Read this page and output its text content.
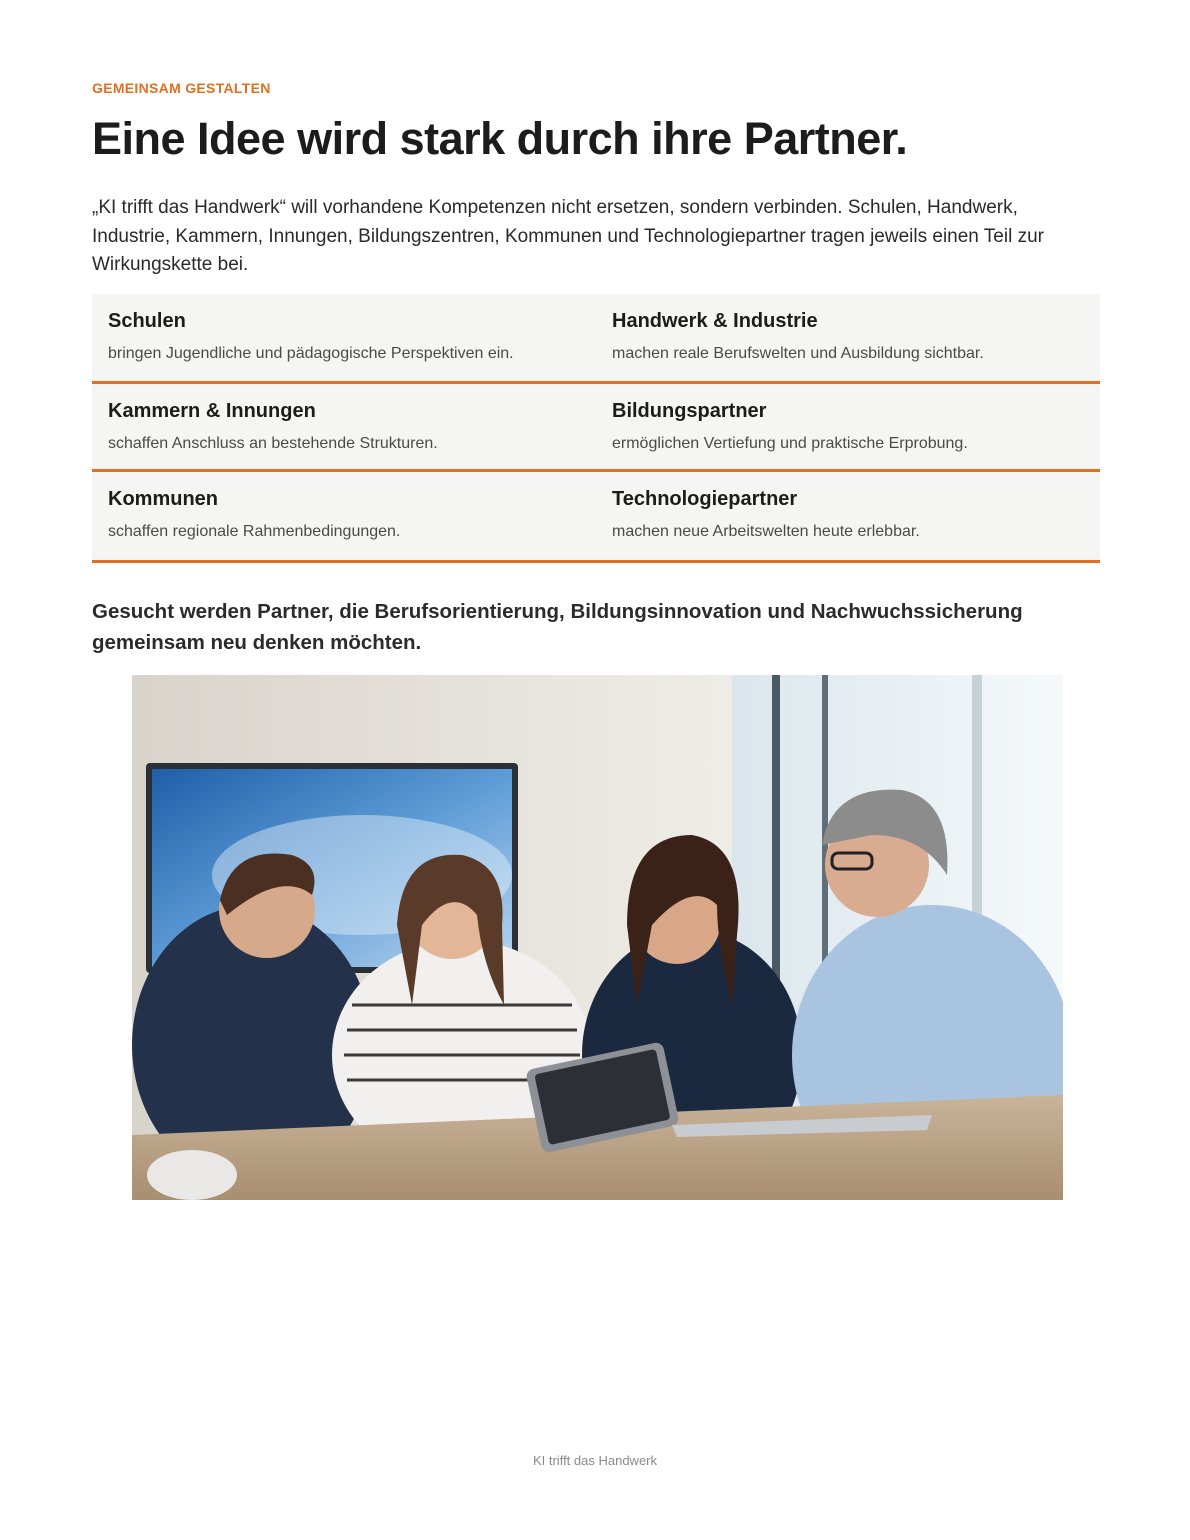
GEMEINSAM GESTALTEN
Eine Idee wird stark durch ihre Partner.

„KI trifft das Handwerk“ will vorhandene Kompetenzen nicht ersetzen, sondern verbinden. Schulen, Handwerk, Industrie, Kammern, Innungen, Bildungszentren, Kommunen und Technologiepartner tragen jeweils einen Teil zur Wirkungskette bei.

Schulen

bringen Jugendliche und pädagogische Perspektiven ein.

Handwerk & Industrie

machen reale Berufswelten und Ausbildung sichtbar.

Kammern & Innungen

schaffen Anschluss an bestehende Strukturen.

Bildungspartner

ermöglichen Vertiefung und praktische Erprobung.

Kommunen

schaffen regionale Rahmenbedingungen.

Technologiepartner

machen neue Arbeitswelten heute erlebbar.

Gesucht werden Partner, die Berufsorientierung, Bildungsinnovation und Nachwuchssicherung gemeinsam neu denken möchten.

KI trifft das Handwerk
